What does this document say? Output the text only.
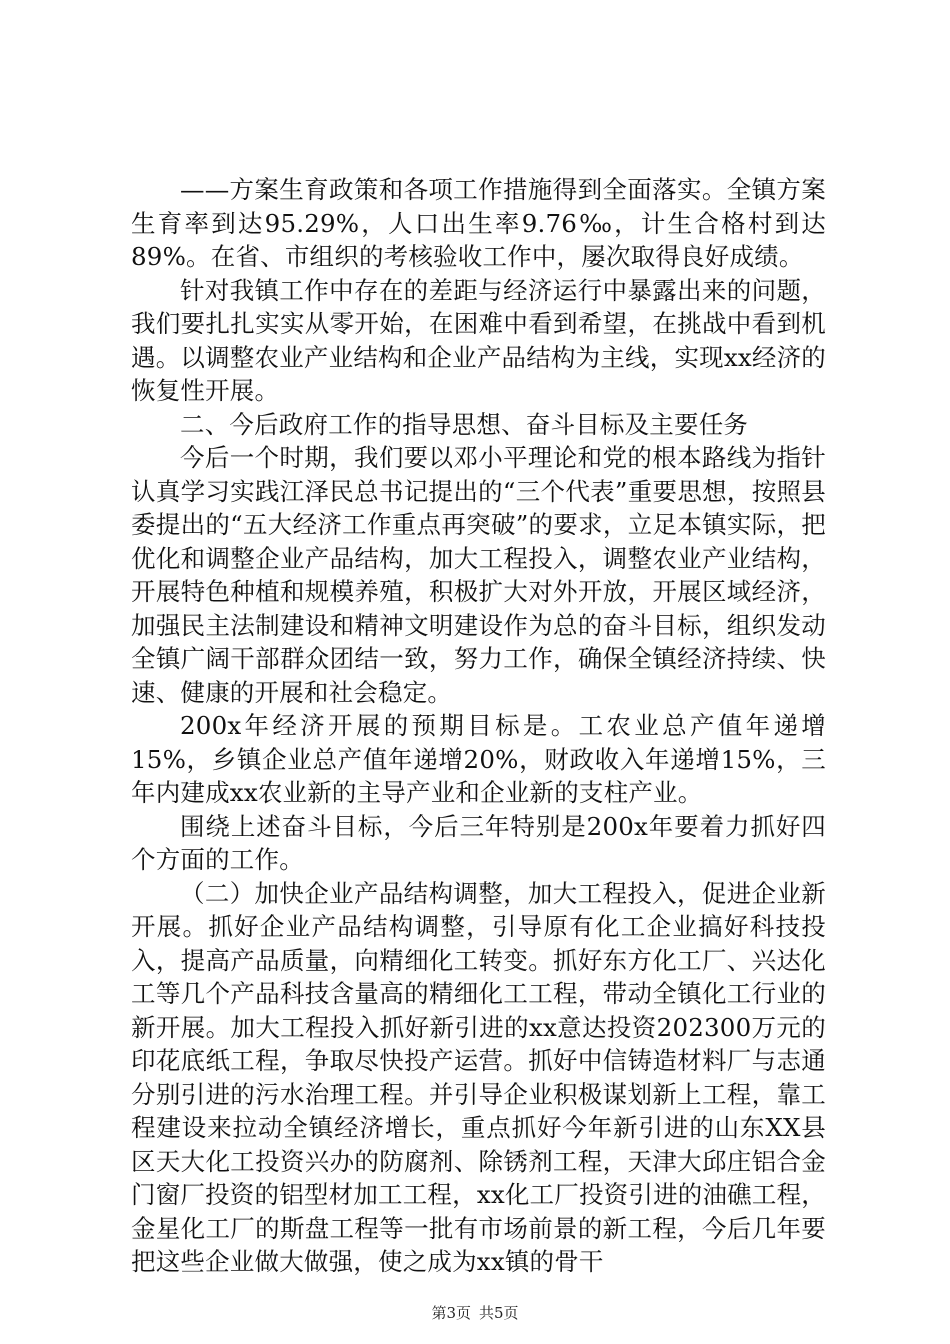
——方案生育政策和各项工作措施得到全面落实。全镇方案生育率到达95.29%，人口出生率9.76‰，计生合格村到达89%。在省、市组织的考核验收工作中，屡次取得良好成绩。

针对我镇工作中存在的差距与经济运行中暴露出来的问题，我们要扎扎实实从零开始，在困难中看到希望，在挑战中看到机遇。以调整农业产业结构和企业产品结构为主线，实现xx经济的恢复性开展。

二、今后政府工作的指导思想、奋斗目标及主要任务

今后一个时期，我们要以邓小平理论和党的根本路线为指针认真学习实践江泽民总书记提出的“三个代表”重要思想，按照县委提出的“五大经济工作重点再突破”的要求，立足本镇实际，把优化和调整企业产品结构，加大工程投入，调整农业产业结构，开展特色种植和规模养殖，积极扩大对外开放，开展区域经济，加强民主法制建设和精神文明建设作为总的奋斗目标，组织发动全镇广阔干部群众团结一致，努力工作，确保全镇经济持续、快速、健康的开展和社会稳定。

200x年经济开展的预期目标是。工农业总产值年递增15%，乡镇企业总产值年递增20%，财政收入年递增15%，三年内建成xx农业新的主导产业和企业新的支柱产业。

围绕上述奋斗目标，今后三年特别是200x年要着力抓好四个方面的工作。

（二）加快企业产品结构调整，加大工程投入，促进企业新开展。抓好企业产品结构调整，引导原有化工企业搞好科技投入，提高产品质量，向精细化工转变。抓好东方化工厂、兴达化工等几个产品科技含量高的精细化工工程，带动全镇化工行业的新开展。加大工程投入抓好新引进的xx意达投资202300万元的印花底纸工程，争取尽快投产运营。抓好中信铸造材料厂与志通分别引进的污水治理工程。并引导企业积极谋划新上工程，靠工程建设来拉动全镇经济增长，重点抓好今年新引进的山东XX县区天大化工投资兴办的防腐剂、除锈剂工程，天津大邱庄铝合金门窗厂投资的铝型材加工工程，xx化工厂投资引进的油礁工程，金星化工厂的斯盘工程等一批有市场前景的新工程，今后几年要把这些企业做大做强，使之成为xx镇的骨干

第3页 共5页
